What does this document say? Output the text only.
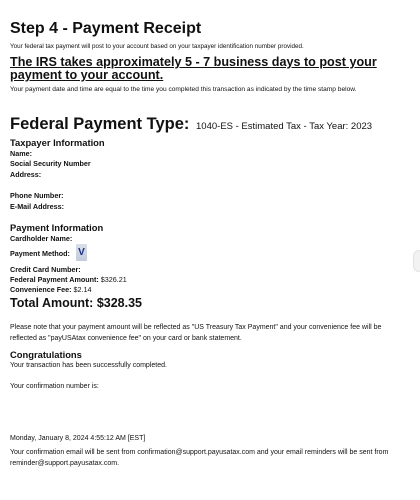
Step 4 - Payment Receipt

Your federal tax payment will post to your account based on your taxpayer identification number provided.

The IRS takes approximately 5 - 7 business days to post your payment to your account.

Your payment date and time are equal to the time you completed this transaction as indicated by the time stamp below.

Federal Payment Type: 1040-ES - Estimated Tax - Tax Year: 2023
Taxpayer Information
Name:
Social Security Number
Address:
Phone Number:
E-Mail Address:
Payment Information
Cardholder Name:
Payment Method: V
Credit Card Number:
Federal Payment Amount: $326.21
Convenience Fee: $2.14
Total Amount: $328.35

Please note that your payment amount will be reflected as "US Treasury Tax Payment" and your convenience fee will be reflected as "payUSAtax convenience fee" on your card or bank statement.

Congratulations
Your transaction has been successfully completed.
Your confirmation number is:
Monday, January 8, 2024 4:55:12 AM [EST]

Your confirmation email will be sent from confirmation@support.payusatax.com and your email reminders will be sent from reminder@support.payusatax.com.
